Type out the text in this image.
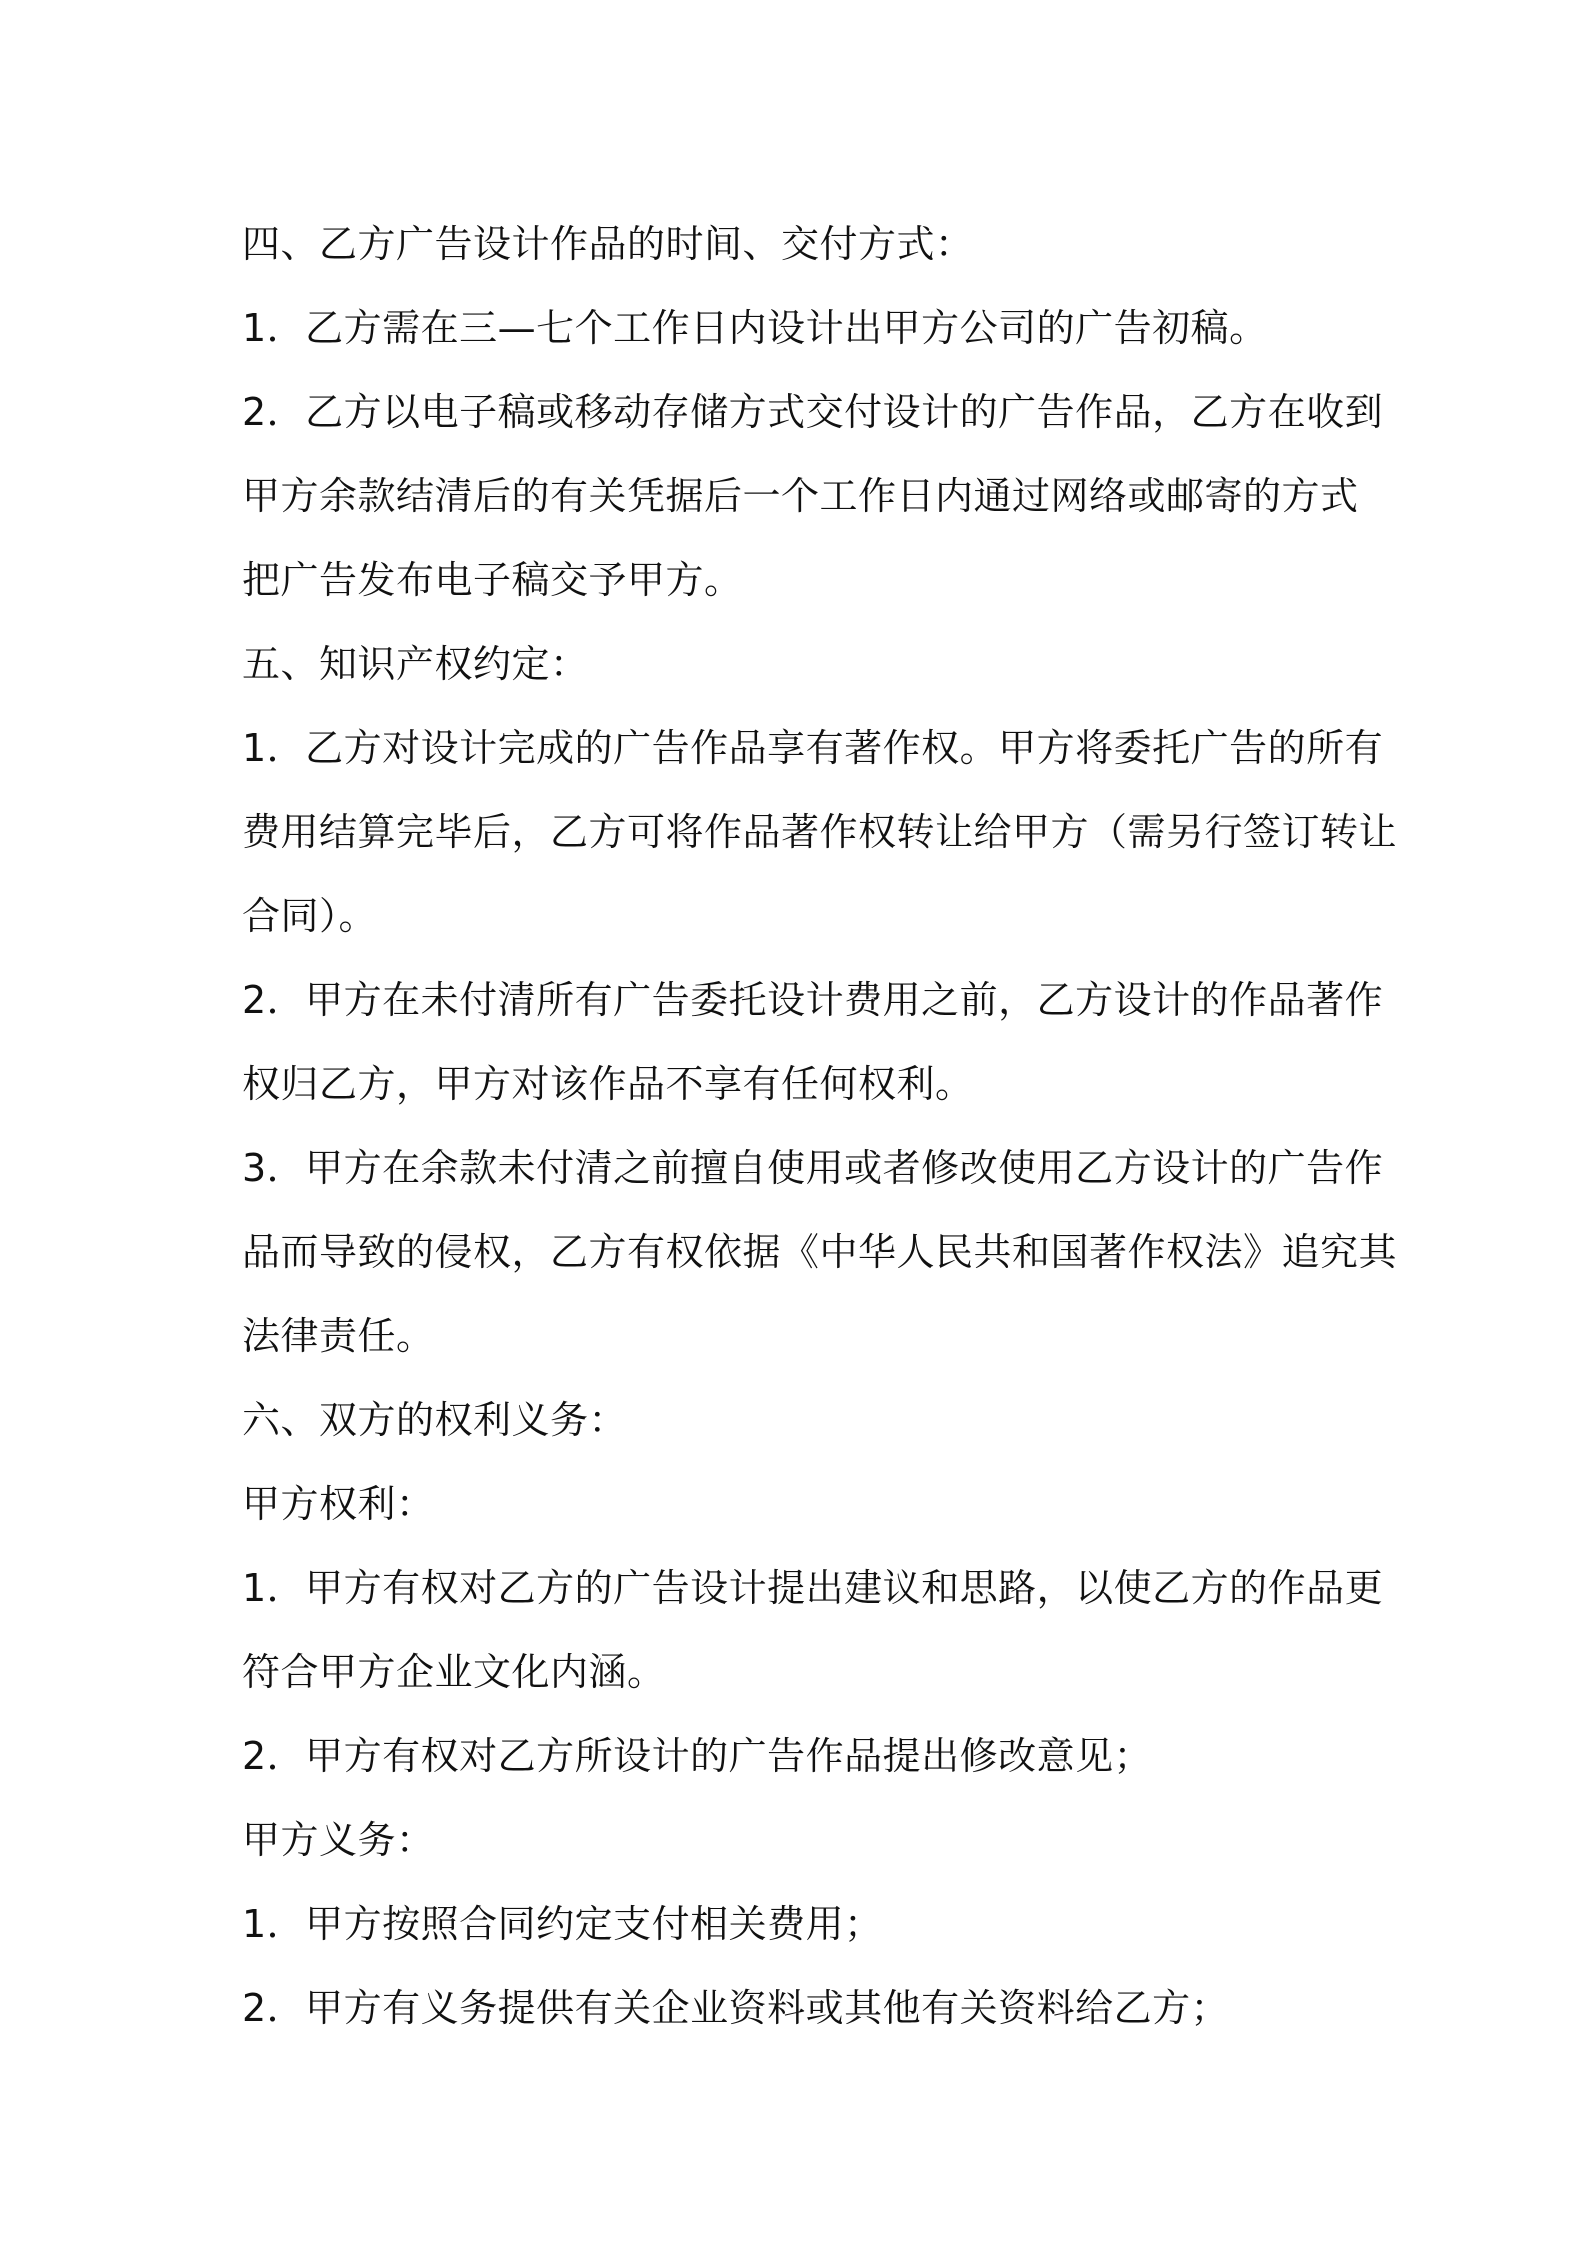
四、乙方广告设计作品的时间、交付方式：
1．乙方需在三—七个工作日内设计出甲方公司的广告初稿。
2．乙方以电子稿或移动存储方式交付设计的广告作品，乙方在收到
甲方余款结清后的有关凭据后一个工作日内通过网络或邮寄的方式
把广告发布电子稿交予甲方。
五、知识产权约定：
1．乙方对设计完成的广告作品享有著作权。甲方将委托广告的所有
费用结算完毕后，乙方可将作品著作权转让给甲方（需另行签订转让
合同）。
2．甲方在未付清所有广告委托设计费用之前，乙方设计的作品著作
权归乙方，甲方对该作品不享有任何权利。
3．甲方在余款未付清之前擅自使用或者修改使用乙方设计的广告作
品而导致的侵权，乙方有权依据《中华人民共和国著作权法》追究其
法律责任。
六、双方的权利义务：
甲方权利：
1．甲方有权对乙方的广告设计提出建议和思路，以使乙方的作品更
符合甲方企业文化内涵。
2．甲方有权对乙方所设计的广告作品提出修改意见；
甲方义务：
1．甲方按照合同约定支付相关费用；
2．甲方有义务提供有关企业资料或其他有关资料给乙方；
